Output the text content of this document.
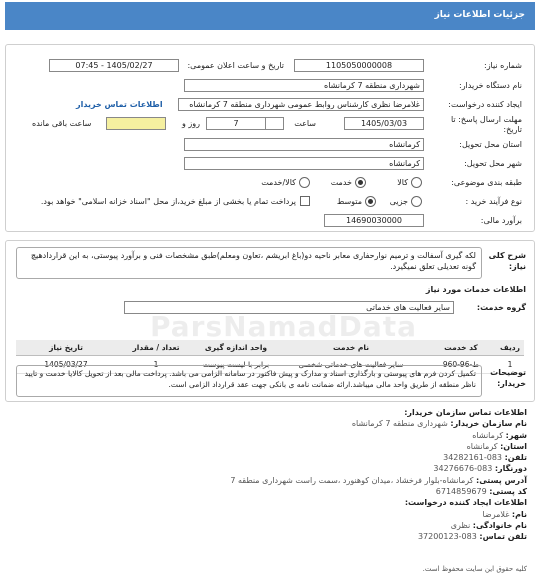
جزئیات اطلاعات نیاز
شماره نیاز:
1105050000008
تاریخ و ساعت اعلان عمومی:
1405/02/27 - 07:45
نام دستگاه خریدار:
شهرداری منطقه 7 کرمانشاه
ایجاد کننده درخواست:
غلامرضا نظری کارشناس روابط عمومی شهرداری منطقه 7 کرمانشاه
اطلاعات تماس خریدار
مهلت ارسال پاسخ: تا تاریخ:
1405/03/03
ساعت
7
روز و
ساعت باقی مانده
استان محل تحویل:
کرمانشاه
شهر محل تحویل:
کرمانشاه
طبقه بندی موضوعی:
کالا
خدمت
کالا/خدمت
نوع فرآیند خرید :
جزیی
متوسط
پرداخت تمام یا بخشی از مبلغ خرید،از محل "اسناد خزانه اسلامی" خواهد بود.
برآورد مالی:
14690030000
شرح کلی نیاز:
لکه گیری آسفالت و ترمیم نوارحفاری معابر ناحیه دو(باغ ابریشم ،تعاون ومعلم)طبق مشخصات فنی و برآورد پیوستی، به این قراردادهیچ گونه تعدیلی تعلق نمیگیرد.
اطلاعات خدمات مورد نیاز
گروه خدمت:
سایر فعالیت های خدماتی
ردیف	کد خدمت	نام خدمت	واحد اندازه گیری	تعداد / مقدار	تاریخ نیاز
1	ط-96-960	سایر فعالیت های خدماتی شخصی	برابر با لیست پیوست	1	1405/03/27
توضیحات خریدار:
تکمیل کردن فرم های پیوستی و بارگذاری اسناد و مدارک و پیش فاکتور در سامانه الزامی می باشد. پرداخت مالی بعد از تحویل کالایا خدمت و تایید ناظر منطقه از طریق واحد مالی میباشد.ارائه ضمانت نامه ی بانکی جهت عقد قرارداد الزامی است.
ParsNamadData
اطلاعات تماس سازمان خریدار:
نام سازمان خریدار: شهرداری منطقه 7 کرمانشاه
شهر: کرمانشاه
استان: کرمانشاه
تلفن: 083-34282161
دورنگار: 083-34276676
آدرس پستی: کرمانشاه-بلوار فرخشاد ،میدان کوهنورد ،سمت راست شهرداری منطقه 7
کد پستی: 6714859679
اطلاعات ایجاد کننده درخواست:
نام: غلامرضا
نام خانوادگی: نظری
تلفن تماس: 083-37200123
کلیه حقوق این سایت محفوظ است.
